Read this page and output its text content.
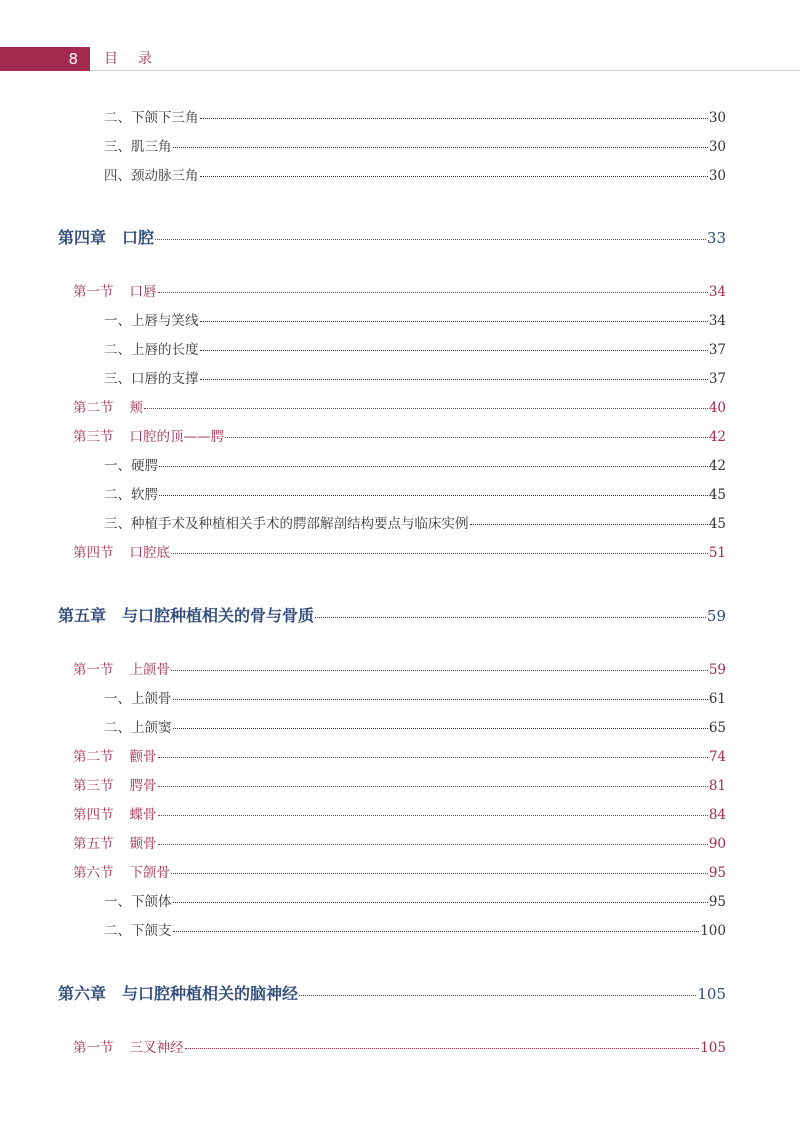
8	目录
二、下颌下三角	30
三、肌三角	30
四、颈动脉三角	30
第四章 口腔	33
第一节 口唇	34
一、上唇与笑线	34
二、上唇的长度	37
三、口唇的支撑	37
第二节 颊	40
第三节 口腔的顶——腭	42
一、硬腭	42
二、软腭	45
三、种植手术及种植相关手术的腭部解剖结构要点与临床实例	45
第四节 口腔底	51
第五章 与口腔种植相关的骨与骨质	59
第一节 上颌骨	59
一、上颌骨	61
二、上颌窦	65
第二节 颧骨	74
第三节 腭骨	81
第四节 蝶骨	84
第五节 颞骨	90
第六节 下颌骨	95
一、下颌体	95
二、下颌支	100
第六章 与口腔种植相关的脑神经	105
第一节 三叉神经	105
